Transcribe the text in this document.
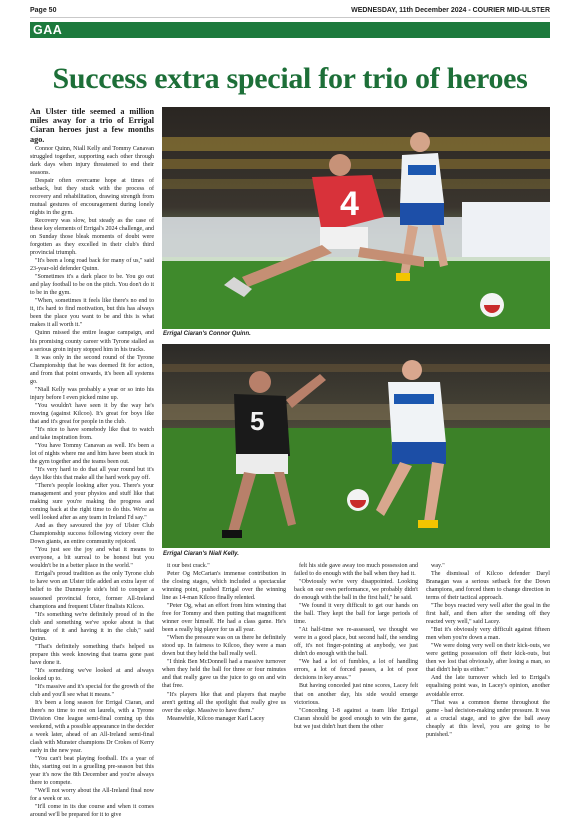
Page 50	WEDNESDAY, 11th December 2024 - COURIER MID-ULSTER
GAA
Success extra special for trio of heroes

An Ulster title seemed a million miles away for a trio of Errigal Ciaran heroes just a few months ago.

Connor Quinn, Niall Kelly and Tommy Canavan struggled together, supporting each other through dark days when injury threatened to end their seasons.

Despair often overcame hope at times of setback, but they stuck with the process of recovery and rehabilitation, drawing strength from mutual gestures of encouragement during lonely nights in the gym.

Recovery was slow, but steady as the case of these key elements of Errigal's 2024 challenge, and on Sunday those bleak moments of doubt were forgotten as they excelled in their club's third provincial triumph.

"It's been a long road back for many of us," said 23-year-old defender Quinn.

"Sometimes it's a dark place to be. You go out and play football to be on the pitch. You don't do it to be in the gym.

"When, sometimes it feels like there's no end to it, it's hard to find motivation, but this has always been the place you want to be and this is what makes it all worth it."

Quinn missed the entire league campaign, and his promising county career with Tyrone stalled as a serious groin injury stopped him in his tracks.

It was only in the second round of the Tyrone Championship that he was deemed fit for action, and from that point onwards, it's been all systems go.

"Niall Kelly was probably a year or so into his injury before I even picked mine up.

"You wouldn't have seen it by the way he's moving (against Kilcoo). It's great for boys like that and it's great for people in the club.

"It's nice to have somebody like that to watch and take inspiration from.

"You have Tommy Canavan as well. It's been a lot of nights where me and him have been stuck in the gym together and the teams been out.

"It's very hard to do that all year round but it's days like this that make all the hard work pay off.

"There's people looking after you. There's your management and your physios and stuff like that making sure you're making the progress and coming back at the right time to do this. We're as well looked after as any team in Ireland I'd say."

And as they savoured the joy of Ulster Club Championship success following victory over the Down giants, an entire community rejoiced.

"You just see the joy and what it means to everyone, a bit surreal to be honest but you wouldn't be in a better place in the world."

Errigal's proud tradition as the only Tyrone club to have won an Ulster title added an extra layer of belief to the Dunmoyle side's bid to conquer a seasoned provincial force, former All-Ireland champions and frequent Ulster finalists Kilcoo.

"It's something we're definitely proud of in the club and something we've spoke about is that heritage of it and having it in the club," said Quinn.

"That's definitely something that's helped us prepare this week knowing that teams gone past have done it.

"It's something we've looked at and always looked up to.

"It's massive and it's special for the growth of the club and you'll see what it means."

It's been a long season for Errigal Ciaran, and there's no time to rest on laurels, with a Tyrone Division One league semi-final coming up this weekend, with a possible appearance in the decider a week later, ahead of an All-Ireland semi-final clash with Munster champions Dr Crokes of Kerry early in the new year.

"You can't beat playing football. It's a year of this, starting out in a gruelling pre-season but this year it's now the 8th December and you're always there to compete.

"We'll not worry about the All-Ireland final now for a week or so.

"It'll come in its due course and when it comes around we'll be prepared for it to give

4
Errigal Ciaran's Connor Quinn.
5
Errigal Ciaran's Niall Kelly.

it our best crack."

Peter Og McCartan's immense contribution in the closing stages, which included a spectacular winning point, pushed Errigal over the winning line as 14-man Kilcoo finally relented.

"Peter Og, what an effort from him winning that free for Tommy and then putting that magnificent winner over himself. He had a class game. He's been a really big player for us all year.

"When the pressure was on us there he definitely stood up. In fairness to Kilcoo, they were a man down but they held the ball really well.

"I think Ben McDonnell had a massive turnover when they held the ball for three or four minutes and that really gave us the juice to go on and win that free.

"It's players like that and players that maybe aren't getting all the spotlight that really give us over the edge. Massive to have them."

Meanwhile, Kilcoo manager Karl Lacey

felt his side gave away too much possession and failed to do enough with the ball when they had it.

"Obviously we're very disappointed. Looking back on our own performance, we probably didn't do enough with the ball in the first half," he said.

"We found it very difficult to get our hands on the ball. They kept the ball for large periods of time.

"At half-time we re-assessed, we thought we were in a good place, but second half, the sending off, it's not finger-pointing at anybody, we just didn't do enough with the ball.

"We had a lot of fumbles, a lot of handling errors, a lot of forced passes, a lot of poor decisions in key areas."

But having conceded just nine scores, Lacey felt that on another day, his side would emerge victorious.

"Conceding 1-8 against a team like Errigal Ciaran should be good enough to win the game, but we just didn't hurt them the other

way."

The dismissal of Kilcoo defender Daryl Branagan was a serious setback for the Down champions, and forced them to change direction in terms of their tactical approach.

"The boys reacted very well after the goal in the first half, and then after the sending off they reacted very well," said Lacey.

"But it's obviously very difficult against fifteen men when you're down a man.

"We were doing very well on their kick-outs, we were getting possession off their kick-outs, but then we lost that obviously, after losing a man, so that didn't help us either."

And the late turnover which led to Errigal's equalising point was, in Lacey's opinion, another avoidable error.

"That was a common theme throughout the game - bad decision-making under pressure. It was at a crucial stage, and to give the ball away cheaply at this level, you are going to be punished."
